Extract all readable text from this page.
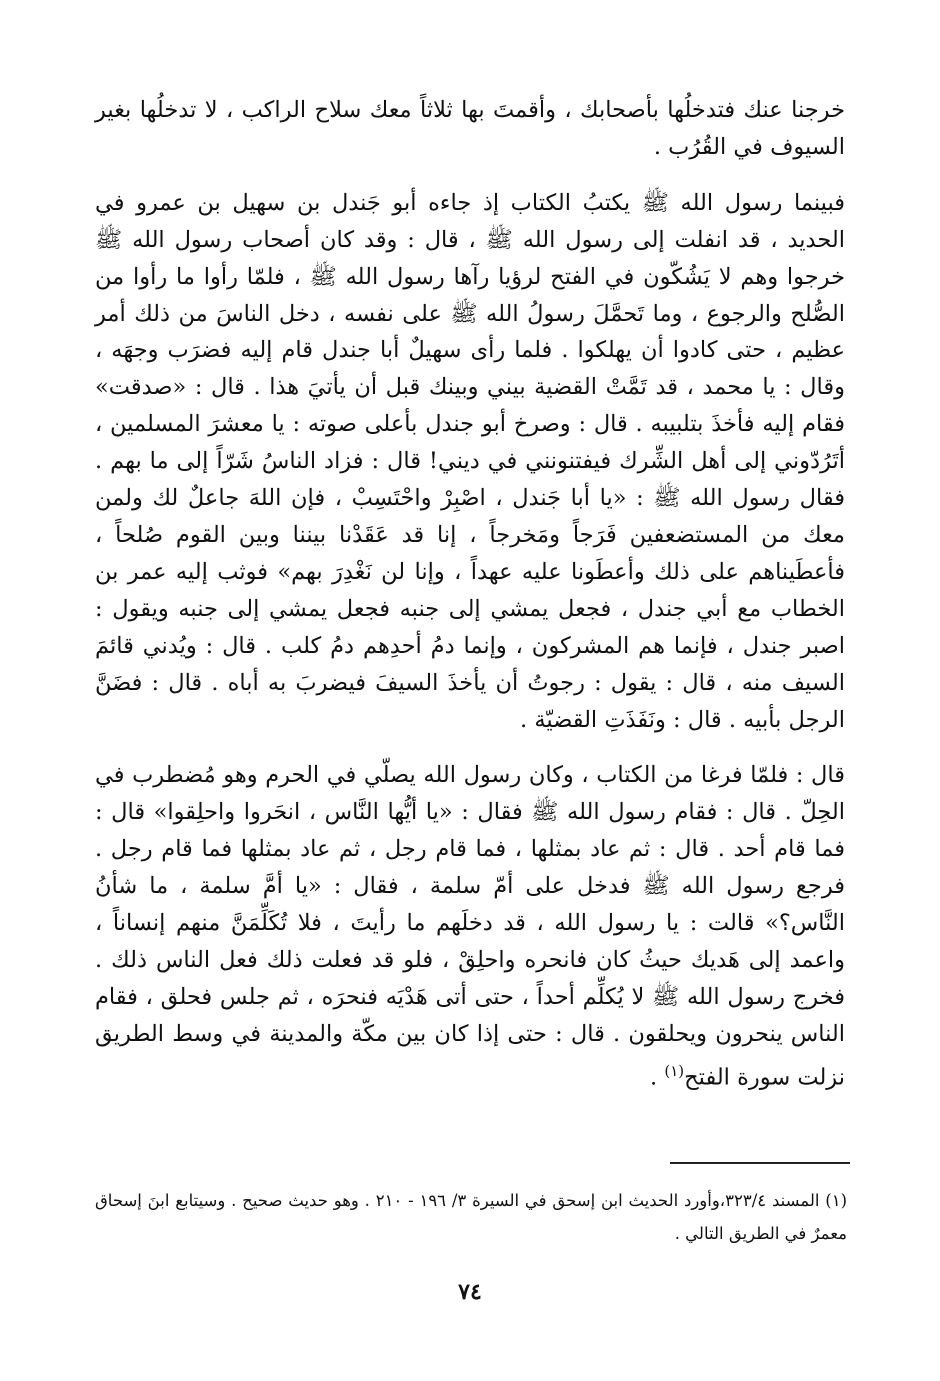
خرجنا عنك فتدخلُها بأصحابك ، وأقمتَ بها ثلاثاً معك سلاح الراكب ، لا تدخلُها بغير السيوف في القُرُب .

فبينما رسول الله ﷺ يكتبُ الكتاب إذ جاءه أبو جَندل بن سهيل بن عمرو في الحديد ، قد انفلت إلى رسول الله ﷺ ، قال : وقد كان أصحاب رسول الله ﷺ خرجوا وهم لا يَشُكّون في الفتح لرؤيا رآها رسول الله ﷺ ، فلمّا رأوا ما رأوا من الصُّلح والرجوع ، وما تَحمَّلَ رسولُ الله ﷺ على نفسه ، دخل الناسَ من ذلك أمر عظيم ، حتى كادوا أن يهلكوا . فلما رأى سهيلٌ أبا جندل قام إليه فضرَب وجهَه ، وقال : يا محمد ، قد تَمَّتْ القضية بيني وبينك قبل أن يأتيَ هذا . قال : «صدقت» فقام إليه فأخذَ بتلبيبه . قال : وصرخ أبو جندل بأعلى صوته : يا معشرَ المسلمين ، أتَرُدّوني إلى أهل الشِّرك فيفتنونني في ديني! قال : فزاد الناسُ شَرّاً إلى ما بهم . فقال رسول الله ﷺ : «يا أبا جَندل ، اصْبِرْ واحْتَسِبْ ، فإن اللهَ جاعلٌ لك ولمن معك من المستضعفين فَرَجاً ومَخرجاً ، إنا قد عَقَدْنا بيننا وبين القوم صُلحاً ، فأعطَيناهم على ذلك وأعطَونا عليه عهداً ، وإنا لن نَغْدِرَ بهم» فوثب إليه عمر بن الخطاب مع أبي جندل ، فجعل يمشي إلى جنبه فجعل يمشي إلى جنبه ويقول : اصبر جندل ، فإنما هم المشركون ، وإنما دمُ أحدِهم دمُ كلب . قال : ويُدني قائمَ السيف منه ، قال : يقول : رجوتُ أن يأخذَ السيفَ فيضربَ به أباه . قال : فضَنَّ الرجل بأبيه . قال : ونَفَذَتِ القضيّة .

قال : فلمّا فرغا من الكتاب ، وكان رسول الله يصلّي في الحرم وهو مُضطرب في الحِلّ . قال : فقام رسول الله ﷺ فقال : «يا أيُّها النَّاس ، انحَروا واحلِقوا» قال : فما قام أحد . قال : ثم عاد بمثلها ، فما قام رجل ، ثم عاد بمثلها فما قام رجل . فرجع رسول الله ﷺ فدخل على أمّ سلمة ، فقال : «يا أمَّ سلمة ، ما شأنُ النَّاس؟» قالت : يا رسول الله ، قد دخلَهم ما رأيتَ ، فلا تُكَلِّمَنَّ منهم إنساناً ، واعمد إلى هَديك حيثُ كان فانحره واحلِقْ ، فلو قد فعلت ذلك فعل الناس ذلك . فخرج رسول الله ﷺ لا يُكلِّم أحداً ، حتى أتى هَدْيَه فنحرَه ، ثم جلس فحلق ، فقام الناس ينحرون ويحلقون . قال : حتى إذا كان بين مكّة والمدينة في وسط الطريق نزلت سورة الفتح$^{(١)}$ .

(١) المسند ٣٢٣/٤،وأورد الحديث ابن إسحق في السيرة ٣/ ١٩٦ - ٢١٠ . وهو حديث صحيح . وسيتابع ابنَ إسحاق معمرٌ في الطريق التالي .

٧٤
